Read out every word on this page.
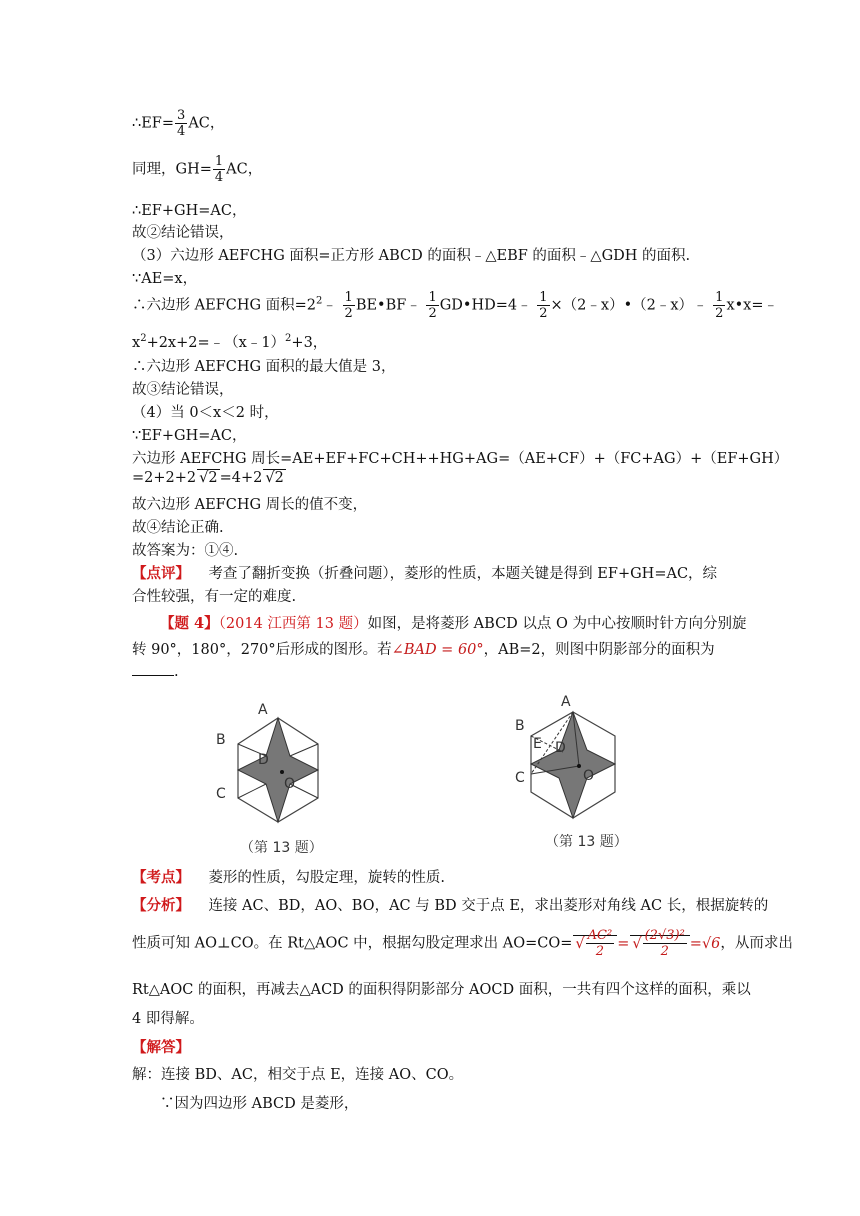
∴EF= $\frac{3}{4}$ AC，
同理，$GH= \frac{1}{4}$ AC，
∴EF+GH=AC，
故②结论错误，
（3）六边形 AEFCHG 面积=正方形 ABCD 的面积﹣△EBF 的面积﹣△GDH 的面积.
∵AE=x，
∴六边形 AEFCHG 面积$=2^2﹣ \frac{1}{2}$ BE•BF﹣ $\frac{1}{2}$ GD•HD=4﹣ $\frac{1}{2}$ ×（2﹣x）•（2﹣x）﹣ $\frac{1}{2}$ x•x=﹣
$x^2+2x+2=﹣(x﹣1)^2+3$，
∴六边形 AEFCHG 面积的最大值是 3，
故③结论错误，
（4）当 0＜x＜2 时，
∵EF+GH=AC，
六边形 AEFCHG 周长=AE+EF+FC+CH++HG+AG=（AE+CF）+（FC+AG）+（EF+GH）
=2+2+2 √2 =4+2 √2
故六边形 AEFCHG 周长的值不变，
故④结论正确.
故答案为：①④.
【点评】 考查了翻折变换（折叠问题），菱形的性质，本题关键是得到 EF+GH=AC，综
合性较强，有一定的难度.
【题 4】（2014 江西第 13 题）如图，是将菱形 ABCD 以点 O 为中心按顺时针方向分别旋
转 90°，180°，270°后形成的图形。若∠BAD = 60°，AB=2，则图中阴影部分的面积为
.
A
B
D
O
C
（第 13 题）
A
B
E D
O
C
（第 13 题）
【考点】 菱形的性质，勾股定理，旋转的性质.
【分析】 连接 AC、BD，AO、BO，AC 与 BD 交于点 E，求出菱形对角线 AC 长，根据旋转的
性质可知 AO⊥CO。在 Rt△AOC 中，根据勾股定理求出 AO=CO= √ $\frac{\text{AC²}}{2}$ = √ $\frac{\text{(2√3)²}}{2} =√6$，从而求出
Rt△AOC 的面积，再减去△ACD 的面积得阴影部分 AOCD 面积，一共有四个这样的面积，乘以
4 即得解。
【解答】
解：连接 BD、AC，相交于点 E，连接 AO、CO。
∵因为四边形 ABCD 是菱形，
